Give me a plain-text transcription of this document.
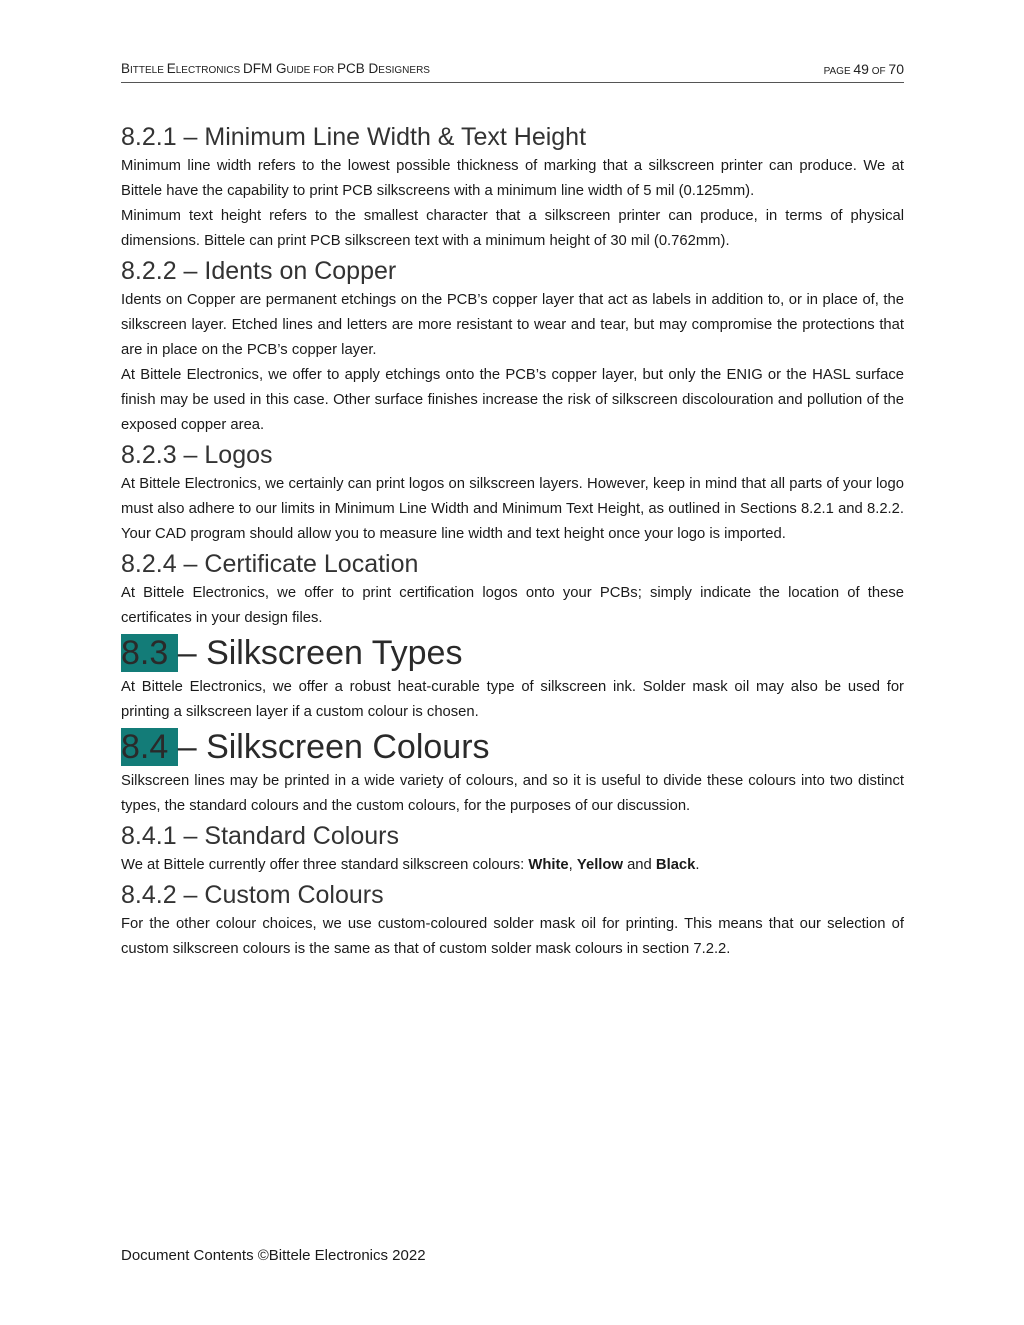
BITTELE ELECTRONICS DFM GUIDE FOR PCB DESIGNERS	PAGE 49 OF 70
8.2.1 – Minimum Line Width & Text Height

Minimum line width refers to the lowest possible thickness of marking that a silkscreen printer can produce. We at Bittele have the capability to print PCB silkscreens with a minimum line width of 5 mil (0.125mm).

Minimum text height refers to the smallest character that a silkscreen printer can produce, in terms of physical dimensions. Bittele can print PCB silkscreen text with a minimum height of 30 mil (0.762mm).

8.2.2 – Idents on Copper

Idents on Copper are permanent etchings on the PCB’s copper layer that act as labels in addition to, or in place of, the silkscreen layer. Etched lines and letters are more resistant to wear and tear, but may compromise the protections that are in place on the PCB’s copper layer.

At Bittele Electronics, we offer to apply etchings onto the PCB’s copper layer, but only the ENIG or the HASL surface finish may be used in this case. Other surface finishes increase the risk of silkscreen discolouration and pollution of the exposed copper area.

8.2.3 – Logos

At Bittele Electronics, we certainly can print logos on silkscreen layers. However, keep in mind that all parts of your logo must also adhere to our limits in Minimum Line Width and Minimum Text Height, as outlined in Sections 8.2.1 and 8.2.2. Your CAD program should allow you to measure line width and text height once your logo is imported.

8.2.4 – Certificate Location

At Bittele Electronics, we offer to print certification logos onto your PCBs; simply indicate the location of these certificates in your design files.

8.3 – Silkscreen Types

At Bittele Electronics, we offer a robust heat-curable type of silkscreen ink. Solder mask oil may also be used for printing a silkscreen layer if a custom colour is chosen.

8.4 – Silkscreen Colours

Silkscreen lines may be printed in a wide variety of colours, and so it is useful to divide these colours into two distinct types, the standard colours and the custom colours, for the purposes of our discussion.

8.4.1 – Standard Colours

We at Bittele currently offer three standard silkscreen colours: White, Yellow and Black.

8.4.2 – Custom Colours

For the other colour choices, we use custom-coloured solder mask oil for printing. This means that our selection of custom silkscreen colours is the same as that of custom solder mask colours in section 7.2.2.

Document Contents ©Bittele Electronics 2022
